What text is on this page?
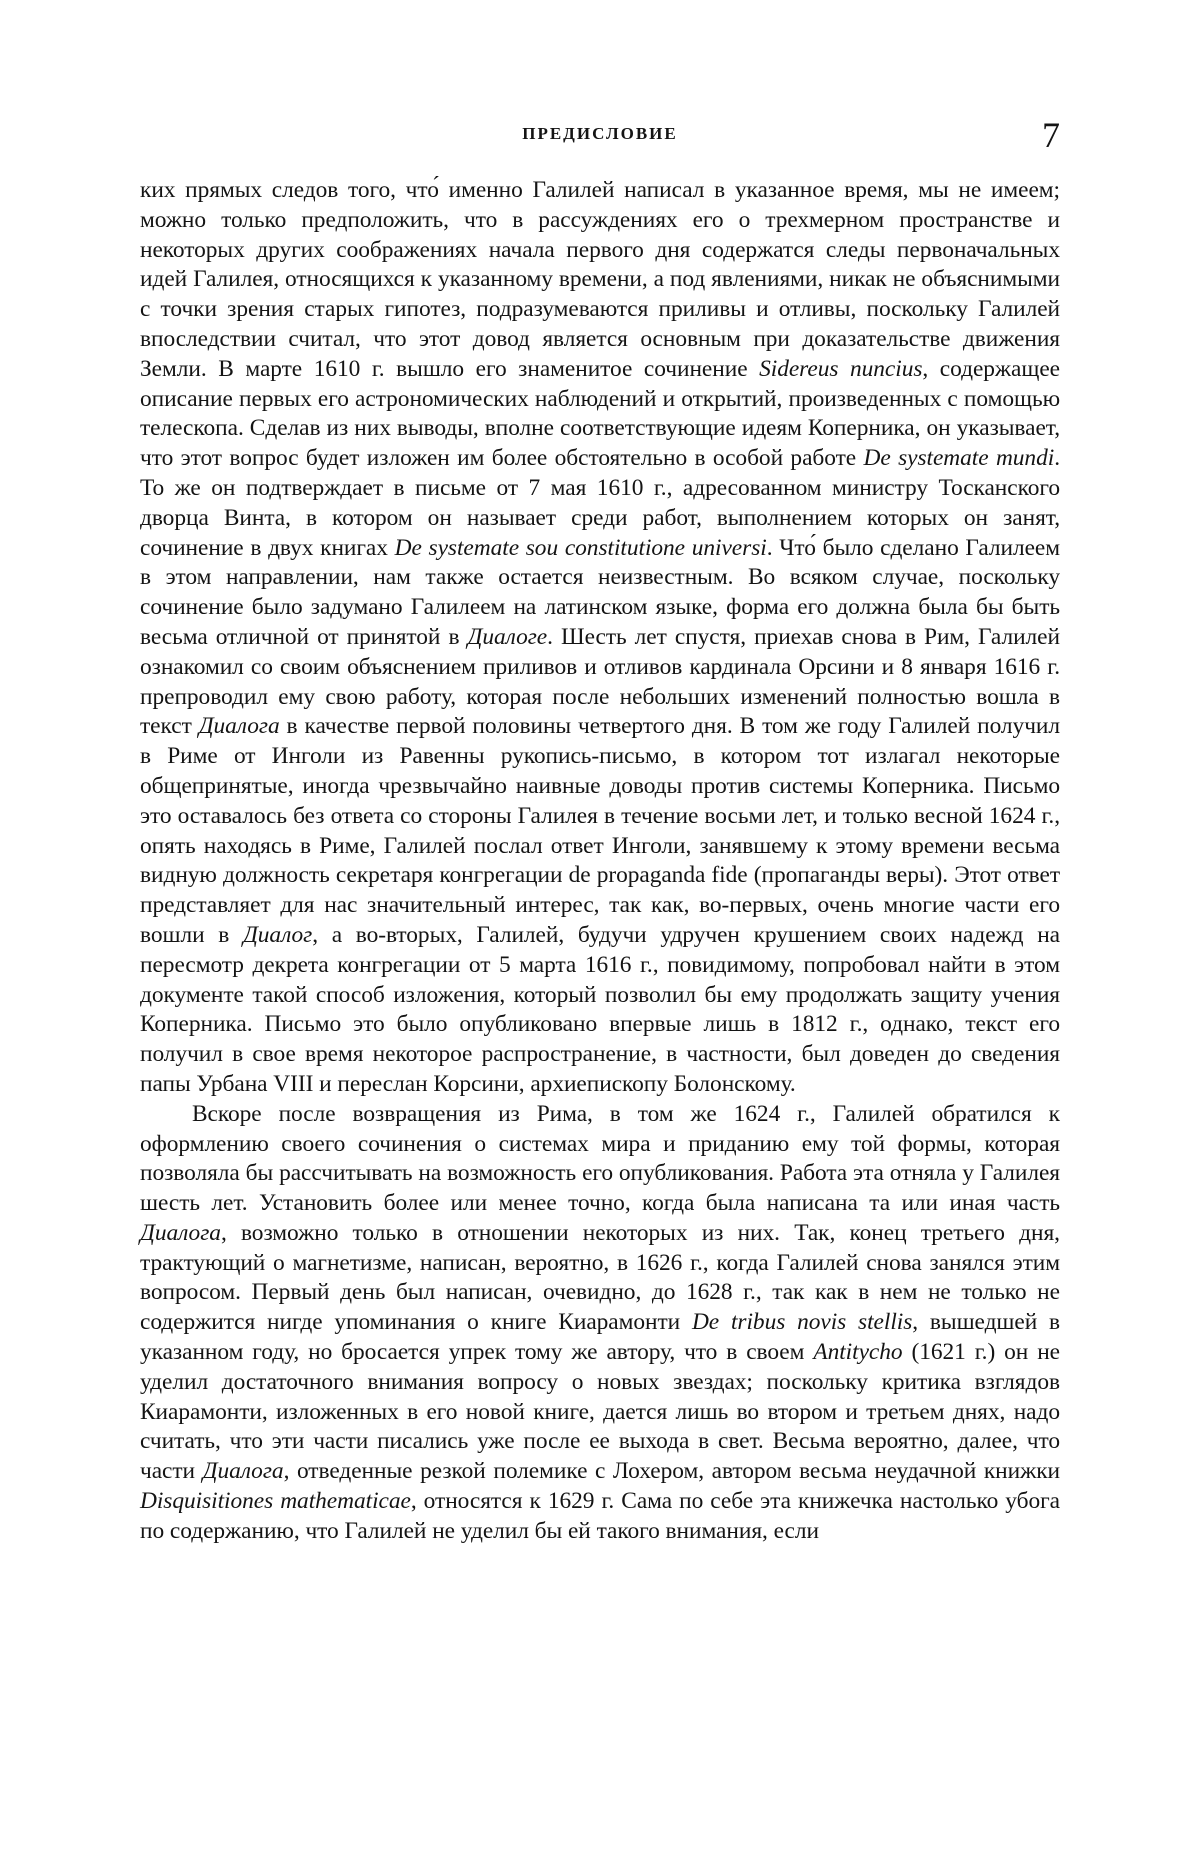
ПРЕДИСЛОВИЕ	7

ких прямых следов того, что́ именно Галилей написал в указанное время, мы не имеем; можно только предположить, что в рассуждениях его о трехмерном пространстве и некоторых других соображениях начала первого дня содержатся следы первоначальных идей Галилея, относящихся к указанному времени, а под явлениями, никак не объяснимыми с точки зрения старых гипотез, подразумеваются приливы и отливы, поскольку Галилей впоследствии считал, что этот довод является основным при доказательстве движения Земли. В марте 1610 г. вышло его знаменитое сочинение Sidereus nuncius, содержащее описание первых его астрономических наблюдений и открытий, произведенных с помощью телескопа. Сделав из них выводы, вполне соответствующие идеям Коперника, он указывает, что этот вопрос будет изложен им более обстоятельно в особой работе De systemate mundi. То же он подтверждает в письме от 7 мая 1610 г., адресованном министру Тосканского дворца Винта, в котором он называет среди работ, выполнением которых он занят, сочинение в двух книгах De systemate sou constitutione universi. Что́ было сделано Галилеем в этом направлении, нам также остается неизвестным. Во всяком случае, поскольку сочинение было задумано Галилеем на латинском языке, форма его должна была бы быть весьма отличной от принятой в Диалоге. Шесть лет спустя, приехав снова в Рим, Галилей ознакомил со своим объяснением приливов и отливов кардинала Орсини и 8 января 1616 г. препроводил ему свою работу, которая после небольших изменений полностью вошла в текст Диалога в качестве первой половины четвертого дня. В том же году Галилей получил в Риме от Инголи из Равенны рукопись-письмо, в котором тот излагал некоторые общепринятые, иногда чрезвычайно наивные доводы против системы Коперника. Письмо это оставалось без ответа со стороны Галилея в течение восьми лет, и только весной 1624 г., опять находясь в Риме, Галилей послал ответ Инголи, занявшему к этому времени весьма видную должность секретаря конгрегации de propaganda fide (пропаганды веры). Этот ответ представляет для нас значительный интерес, так как, во-первых, очень многие части его вошли в Диалог, а во-вторых, Галилей, будучи удручен крушением своих надежд на пересмотр декрета конгрегации от 5 марта 1616 г., повидимому, попробовал найти в этом документе такой способ изложения, который позволил бы ему продолжать защиту учения Коперника. Письмо это было опубликовано впервые лишь в 1812 г., однако, текст его получил в свое время некоторое распространение, в частности, был доведен до сведения папы Урбана VIII и переслан Корсини, архиепископу Болонскому.

Вскоре после возвращения из Рима, в том же 1624 г., Галилей обратился к оформлению своего сочинения о системах мира и приданию ему той формы, которая позволяла бы рассчитывать на возможность его опубликования. Работа эта отняла у Галилея шесть лет. Установить более или менее точно, когда была написана та или иная часть Диалога, возможно только в отношении некоторых из них. Так, конец третьего дня, трактующий о магнетизме, написан, вероятно, в 1626 г., когда Галилей снова занялся этим вопросом. Первый день был написан, очевидно, до 1628 г., так как в нем не только не содержится нигде упоминания о книге Киарамонти De tribus novis stellis, вышедшей в указанном году, но бросается упрек тому же автору, что в своем Antitycho (1621 г.) он не уделил достаточного внимания вопросу о новых звездах; поскольку критика взглядов Киарамонти, изложенных в его новой книге, дается лишь во втором и третьем днях, надо считать, что эти части писались уже после ее выхода в свет. Весьма вероятно, далее, что части Диалога, отведенные резкой полемике с Лохером, автором весьма неудачной книжки Disquisitiones mathematicae, относятся к 1629 г. Сама по себе эта книжечка настолько убога по содержанию, что Галилей не уделил бы ей такого внимания, если
